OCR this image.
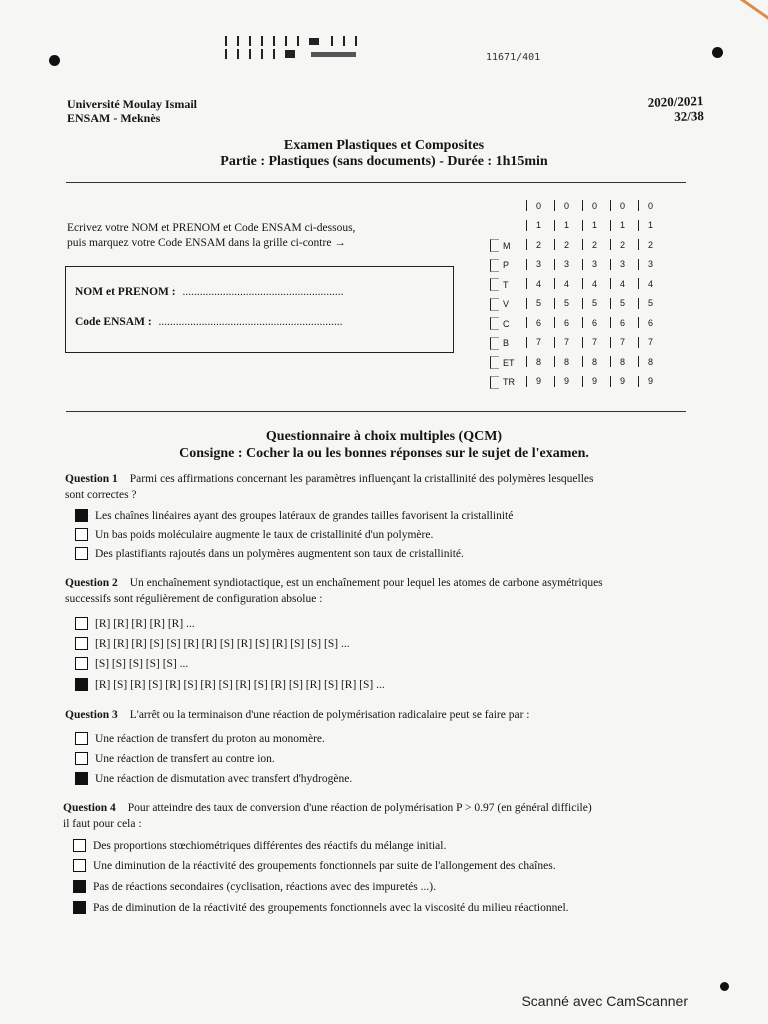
11671/401
Université Moulay Ismail
ENSAM - Meknès
2020/2021
32/38
Examen Plastiques et Composites
Partie : Plastiques (sans documents) - Durée : 1h15min
Ecrivez votre NOM et PRENOM et Code ENSAM ci-dessous,
puis marquez votre Code ENSAM dans la grille ci-contre →
NOM et PRENOM : ........................................................
Code ENSAM : ................................................................
0	0	0	0	0
1	1	1	1	1
M	2	2	2	2	2
P	3	3	3	3	3
T	4	4	4	4	4
V	5	5	5	5	5
C	6	6	6	6	6
B	7	7	7	7	7
ET 8	8	8	8	8
TR 9	9	9	9	9
Questionnaire à choix multiples (QCM)
Consigne : Cocher la ou les bonnes réponses sur le sujet de l'examen.
Question 1 Parmi ces affirmations concernant les paramètres influençant la cristallinité des polymères lesquelles
sont correctes ?
Les chaînes linéaires ayant des groupes latéraux de grandes tailles favorisent la cristallinité
Un bas poids moléculaire augmente le taux de cristallinité d'un polymère.
Des plastifiants rajoutés dans un polymères augmentent son taux de cristallinité.
Question 2 Un enchaînement syndiotactique, est un enchaînement pour lequel les atomes de carbone asymétriques
successifs sont régulièrement de configuration absolue :
[R] [R] [R] [R] [R] ...
[R] [R] [R] [S] [S] [R] [R] [S] [R] [S] [R] [S] [S] [S] ...
[S] [S] [S] [S] [S] ...
[R] [S] [R] [S] [R] [S] [R] [S] [R] [S] [R] [S] [R] [S] [R] [S] ...
Question 3 L'arrêt ou la terminaison d'une réaction de polymérisation radicalaire peut se faire par :
Une réaction de transfert du proton au monomère.
Une réaction de transfert au contre ion.
Une réaction de dismutation avec transfert d'hydrogène.
Question 4 Pour atteindre des taux de conversion d'une réaction de polymérisation P > 0.97 (en général difficile)
il faut pour cela :
Des proportions stœchiométriques différentes des réactifs du mélange initial.
Une diminution de la réactivité des groupements fonctionnels par suite de l'allongement des chaînes.
Pas de réactions secondaires (cyclisation, réactions avec des impuretés ...).
Pas de diminution de la réactivité des groupements fonctionnels avec la viscosité du milieu réactionnel.
Scanné avec CamScanner
